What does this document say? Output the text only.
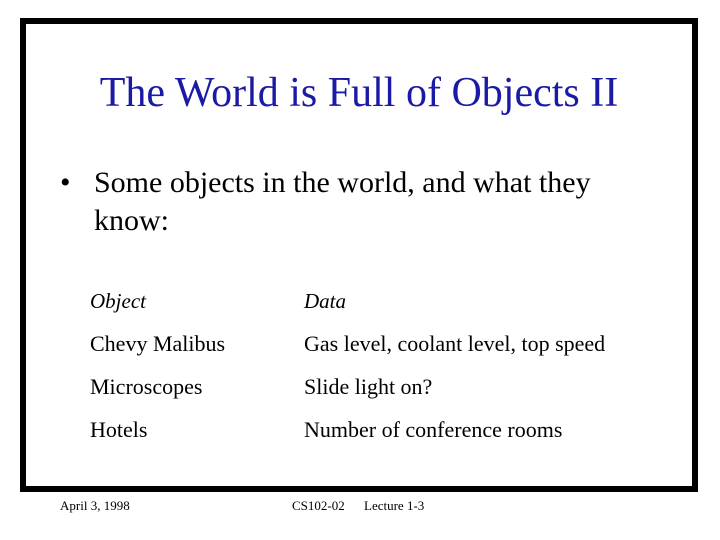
The World is Full of Objects II
• Some objects in the world, and what they know:
Object	Data
Chevy Malibus	Gas level, coolant level, top speed
Microscopes	Slide light on?
Hotels	Number of conference rooms
April 3, 1998	CS102-02 Lecture 1-3
